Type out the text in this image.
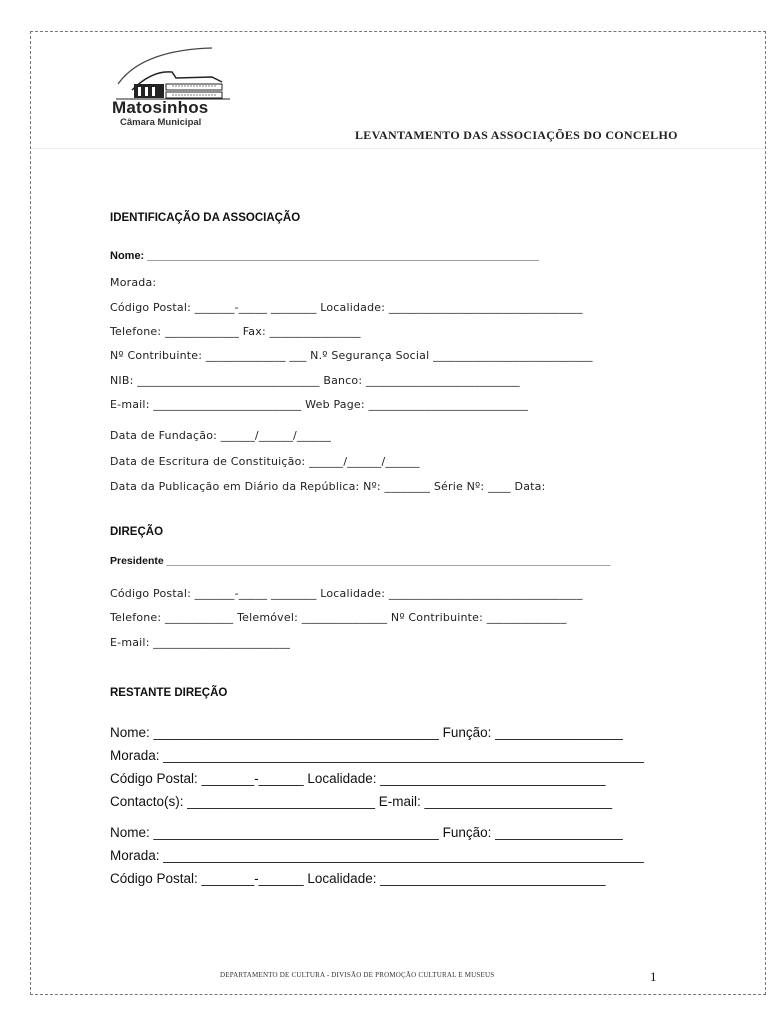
Matosinhos
Câmara Municipal
LEVANTAMENTO DAS ASSOCIAÇÕES DO CONCELHO
IDENTIFICAÇÃO DA ASSOCIAÇÃO
Nome: ________________________________________________________________
Morada:
Código Postal: _______-_____ ________ Localidade: __________________________________
Telefone: _____________ Fax: ________________
Nº Contribuinte: ______________ ___ N.º Segurança Social ____________________________
NIB: ________________________________ Banco: ___________________________
E-mail: __________________________ Web Page: ____________________________
Data de Fundação: ______/______/______
Data de Escritura de Constituição: ______/______/______
Data da Publicação em Diário da República: Nº: ________ Série Nº: ____ Data:
DIREÇÃO
Presidente ____________________________________________________________________________
Código Postal: _______-_____ ________ Localidade: __________________________________
Telefone: ____________ Telemóvel: _______________ Nº Contribuinte: ______________
E-mail: ________________________
RESTANTE DIREÇÃO
Nome: ______________________________________ Função: _________________
Morada: ________________________________________________________________
Código Postal: _______-______ Localidade: ______________________________
Contacto(s): _________________________ E-mail: _________________________
Nome: ______________________________________ Função: _________________
Morada: ________________________________________________________________
Código Postal: _______-______ Localidade: ______________________________
DEPARTAMENTO DE CULTURA - DIVISÃO DE PROMOÇÃO CULTURAL E MUSEUS	1
